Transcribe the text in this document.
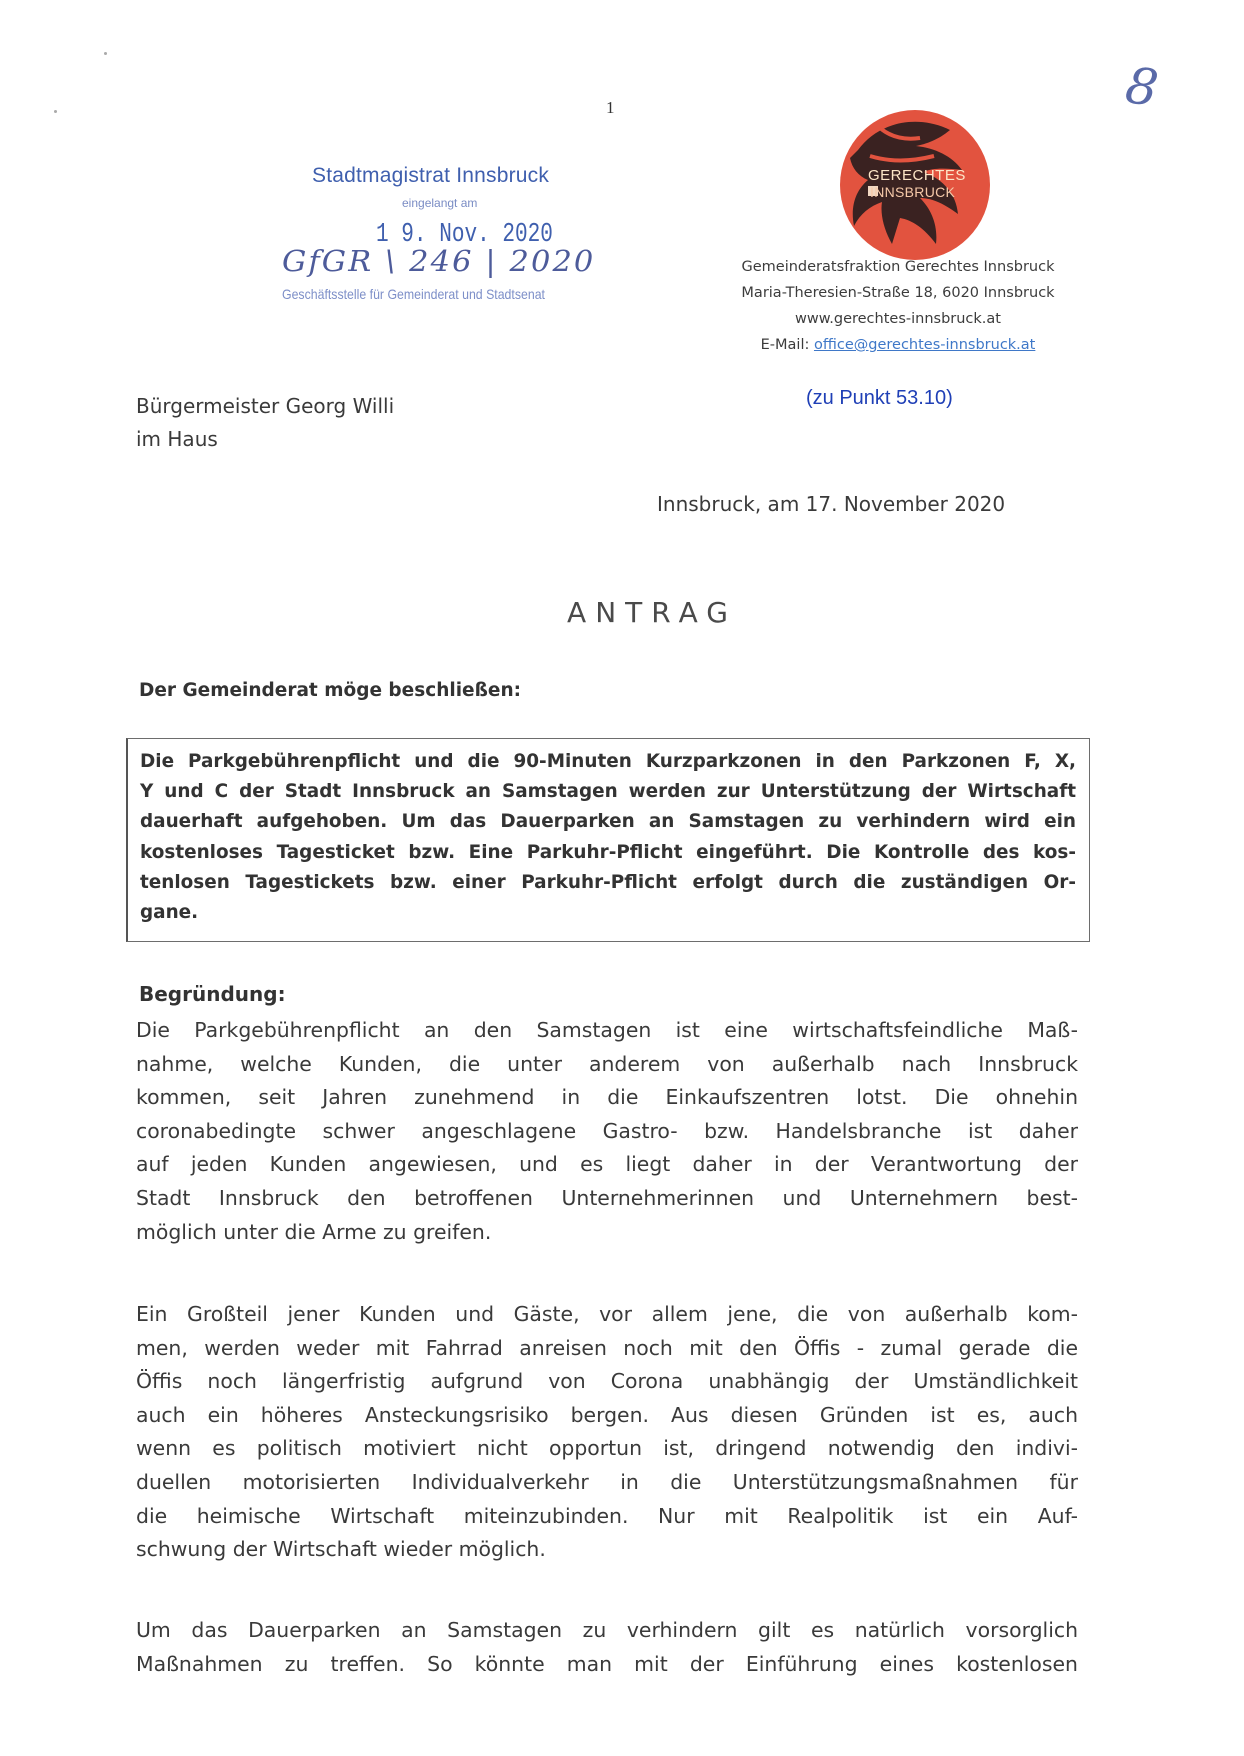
1	8
Stadtmagistrat Innsbruck
eingelangt am
1 9. Nov. 2020
GfGR \ 246 | 2020
Geschäftsstelle für Gemeinderat und Stadtsenat
GERECHTES
INNSBRUCK
Gemeinderatsfraktion Gerechtes Innsbruck
Maria-Theresien-Straße 18, 6020 Innsbruck
www.gerechtes-innsbruck.at
E-Mail: office@gerechtes-innsbruck.at
(zu Punkt 53.10)
Bürgermeister Georg Willi
im Haus
Innsbruck, am 17. November 2020
ANTRAG
Der Gemeinderat möge beschließen:
Die Parkgebührenpflicht und die 90-Minuten Kurzparkzonen in den Parkzonen F, X,
Y und C der Stadt Innsbruck an Samstagen werden zur Unterstützung der Wirtschaft
dauerhaft aufgehoben. Um das Dauerparken an Samstagen zu verhindern wird ein
kostenloses Tagesticket bzw. Eine Parkuhr-Pflicht eingeführt. Die Kontrolle des kos-
tenlosen Tagestickets bzw. einer Parkuhr-Pflicht erfolgt durch die zuständigen Or-
gane.
Begründung:
Die Parkgebührenpflicht an den Samstagen ist eine wirtschaftsfeindliche Maß-
nahme, welche Kunden, die unter anderem von außerhalb nach Innsbruck
kommen, seit Jahren zunehmend in die Einkaufszentren lotst. Die ohnehin
coronabedingte schwer angeschlagene Gastro- bzw. Handelsbranche ist daher
auf jeden Kunden angewiesen, und es liegt daher in der Verantwortung der
Stadt Innsbruck den betroffenen Unternehmerinnen und Unternehmern best-
möglich unter die Arme zu greifen.
Ein Großteil jener Kunden und Gäste, vor allem jene, die von außerhalb kom-
men, werden weder mit Fahrrad anreisen noch mit den Öffis - zumal gerade die
Öffis noch längerfristig aufgrund von Corona unabhängig der Umständlichkeit
auch ein höheres Ansteckungsrisiko bergen. Aus diesen Gründen ist es, auch
wenn es politisch motiviert nicht opportun ist, dringend notwendig den indivi-
duellen motorisierten Individualverkehr in die Unterstützungsmaßnahmen für
die heimische Wirtschaft miteinzubinden. Nur mit Realpolitik ist ein Auf-
schwung der Wirtschaft wieder möglich.
Um das Dauerparken an Samstagen zu verhindern gilt es natürlich vorsorglich
Maßnahmen zu treffen. So könnte man mit der Einführung eines kostenlosen
